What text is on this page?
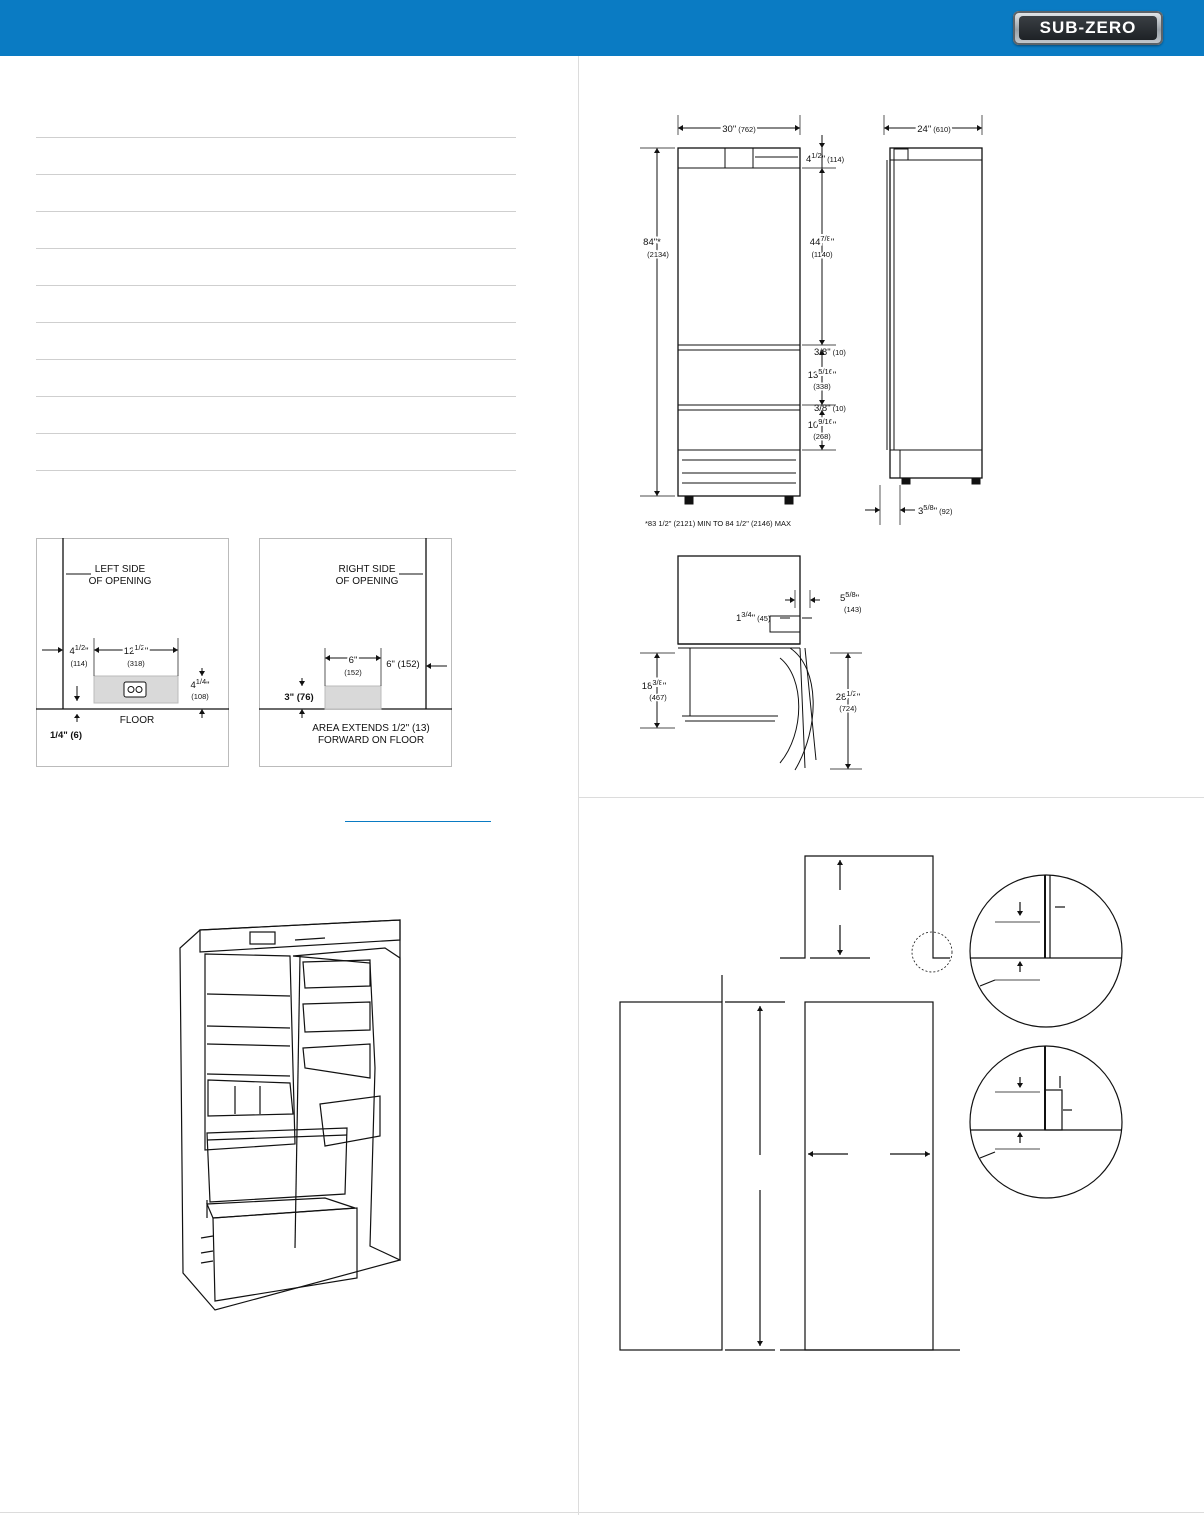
SUB-ZERO
LEFT SIDE
OF OPENING
$4^{1/2}$"
(114)
$12^{1/2}$"
(318)
$4^{1/4}$"
(108)
FLOOR
1/4" (6)
RIGHT SIDE
OF OPENING
6"
(152)
6" (152)
3" (76)
AREA EXTENDS 1/2" (13)
FORWARD ON FLOOR
30" (762)
84"*
(2134)
$4^{1/2}$" (114)
$44^{7/8}$"
(1140)
3/8" (10)
$13^{5/16}$"
(338)
3/8" (10)
$10^{9/16}$"
(268)
*83 1/2" (2121) MIN TO 84 1/2" (2146) MAX
24" (610)
$3^{5/8}$" (92)
$5^{5/8}$"
(143)
$1^{3/4}$" (45)
$18^{3/8}$"
(467)	$28^{1/2}$"
(724)
